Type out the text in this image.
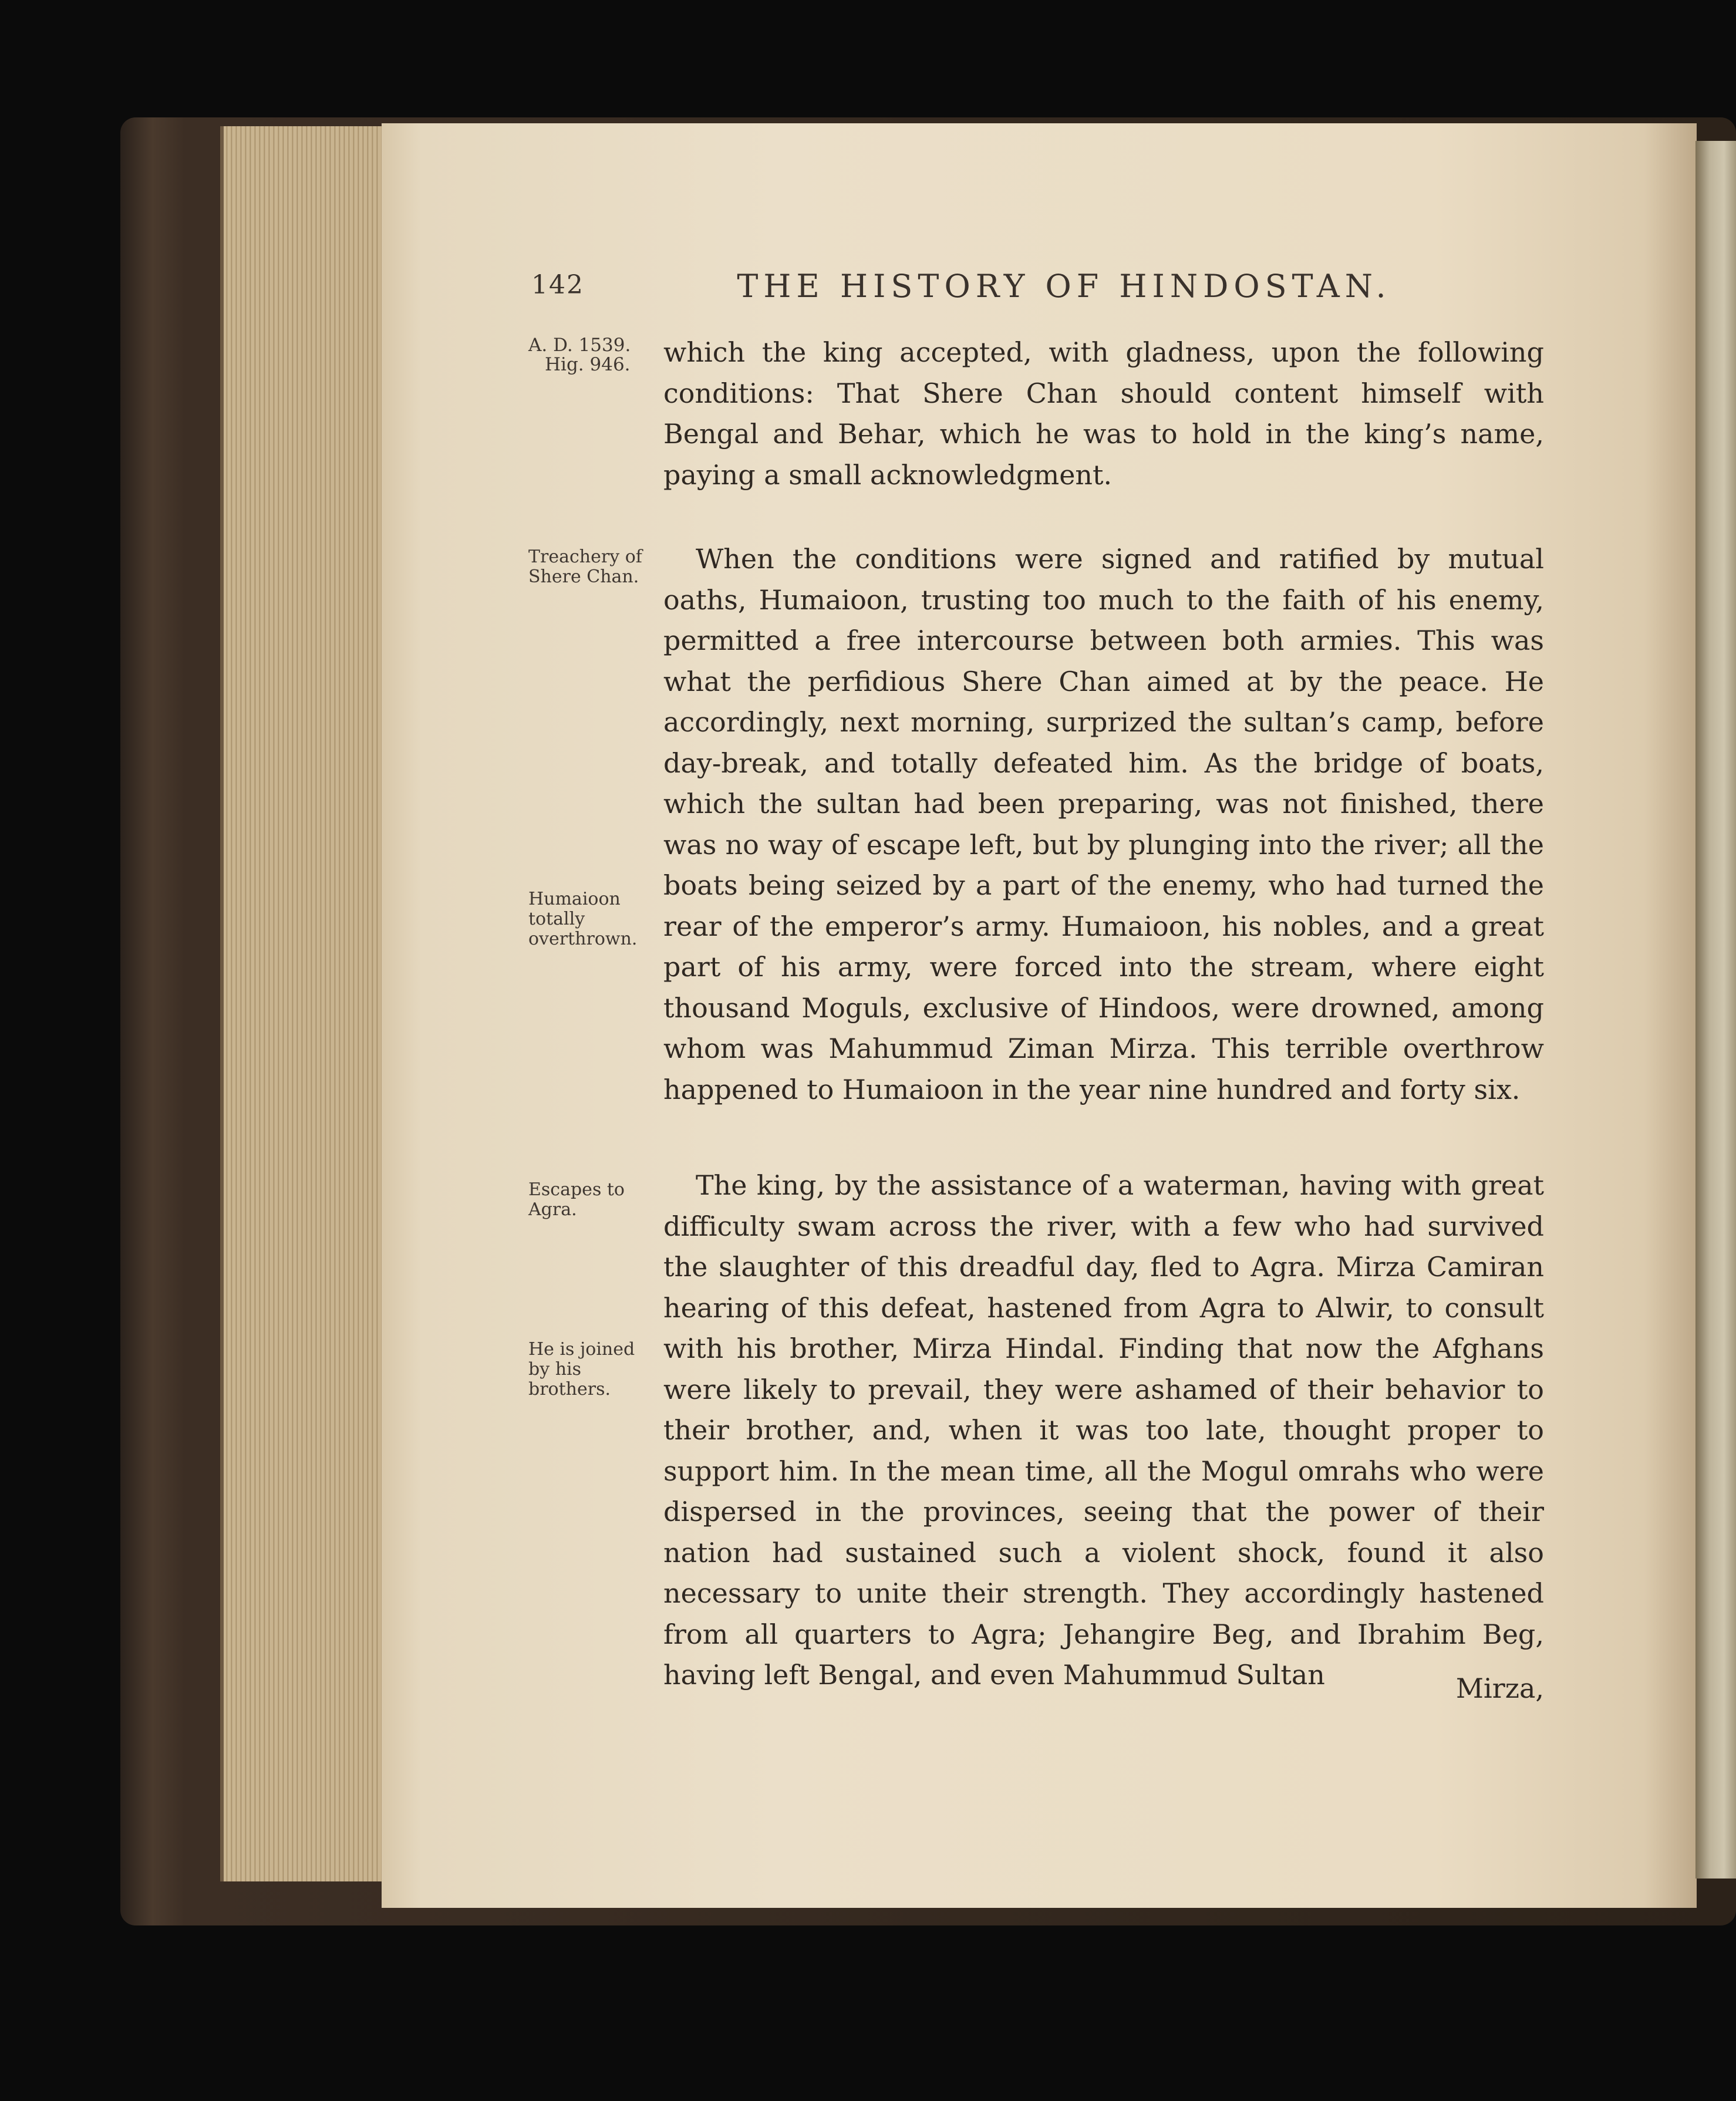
142	THE HISTORY OF HINDOSTAN.
A. D. 1539.
Hig. 946.
Treachery of Shere Chan.
Humaioon totally overthrown.
Escapes to Agra.
He is joined by his brothers.

which the king accepted, with gladness, upon the following conditions: That Shere Chan should content himself with Bengal and Behar, which he was to hold in the king’s name, paying a small acknowledgment.

When the conditions were signed and ratified by mutual oaths, Humaioon, trusting too much to the faith of his enemy, permitted a free intercourse between both armies. This was what the perfidious Shere Chan aimed at by the peace. He accordingly, next morning, surprized the sultan’s camp, before day-break, and totally defeated him. As the bridge of boats, which the sultan had been preparing, was not finished, there was no way of escape left, but by plunging into the river; all the boats being seized by a part of the enemy, who had turned the rear of the emperor’s army. Humaioon, his nobles, and a great part of his army, were forced into the stream, where eight thousand Moguls, exclusive of Hindoos, were drowned, among whom was Mahummud Ziman Mirza. This terrible overthrow happened to Humaioon in the year nine hundred and forty six.

The king, by the assistance of a waterman, having with great difficulty swam across the river, with a few who had survived the slaughter of this dreadful day, fled to Agra. Mirza Camiran hearing of this defeat, hastened from Agra to Alwir, to consult with his brother, Mirza Hindal. Finding that now the Afghans were likely to prevail, they were ashamed of their behavior to their brother, and, when it was too late, thought proper to support him. In the mean time, all the Mogul omrahs who were dispersed in the provinces, seeing that the power of their nation had sustained such a violent shock, found it also necessary to unite their strength. They accordingly hastened from all quarters to Agra; Jehangire Beg, and Ibrahim Beg, having left Bengal, and even Mahummud Sultan	Mirza,
